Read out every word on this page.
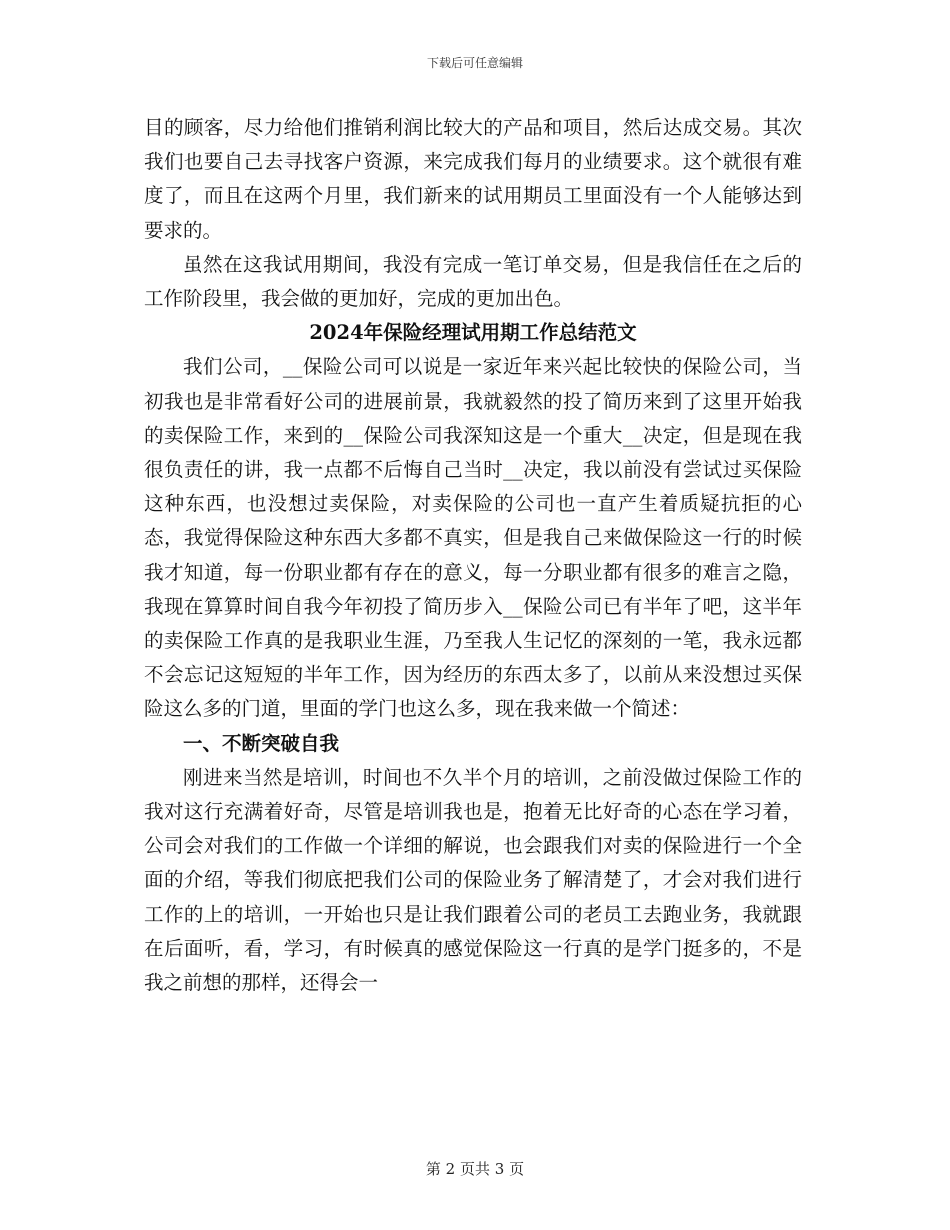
下载后可任意编辑

目的顾客，尽力给他们推销利润比较大的产品和项目，然后达成交易。其次我们也要自己去寻找客户资源，来完成我们每月的业绩要求。这个就很有难度了，而且在这两个月里，我们新来的试用期员工里面没有一个人能够达到要求的。

虽然在这我试用期间，我没有完成一笔订单交易，但是我信任在之后的工作阶段里，我会做的更加好，完成的更加出色。

2024年保险经理试用期工作总结范文

我们公司，__保险公司可以说是一家近年来兴起比较快的保险公司，当初我也是非常看好公司的进展前景，我就毅然的投了简历来到了这里开始我的卖保险工作，来到的__保险公司我深知这是一个重大__决定，但是现在我很负责任的讲，我一点都不后悔自己当时__决定，我以前没有尝试过买保险这种东西，也没想过卖保险，对卖保险的公司也一直产生着质疑抗拒的心态，我觉得保险这种东西大多都不真实，但是我自己来做保险这一行的时候我才知道，每一份职业都有存在的意义，每一分职业都有很多的难言之隐，我现在算算时间自我今年初投了简历步入__保险公司已有半年了吧，这半年的卖保险工作真的是我职业生涯，乃至我人生记忆的深刻的一笔，我永远都不会忘记这短短的半年工作，因为经历的东西太多了，以前从来没想过买保险这么多的门道，里面的学门也这么多，现在我来做一个简述：

一、不断突破自我

刚进来当然是培训，时间也不久半个月的培训，之前没做过保险工作的我对这行充满着好奇，尽管是培训我也是，抱着无比好奇的心态在学习着，公司会对我们的工作做一个详细的解说，也会跟我们对卖的保险进行一个全面的介绍，等我们彻底把我们公司的保险业务了解清楚了，才会对我们进行工作的上的培训，一开始也只是让我们跟着公司的老员工去跑业务，我就跟在后面听，看，学习，有时候真的感觉保险这一行真的是学门挺多的，不是我之前想的那样，还得会一

第 2 页共 3 页
